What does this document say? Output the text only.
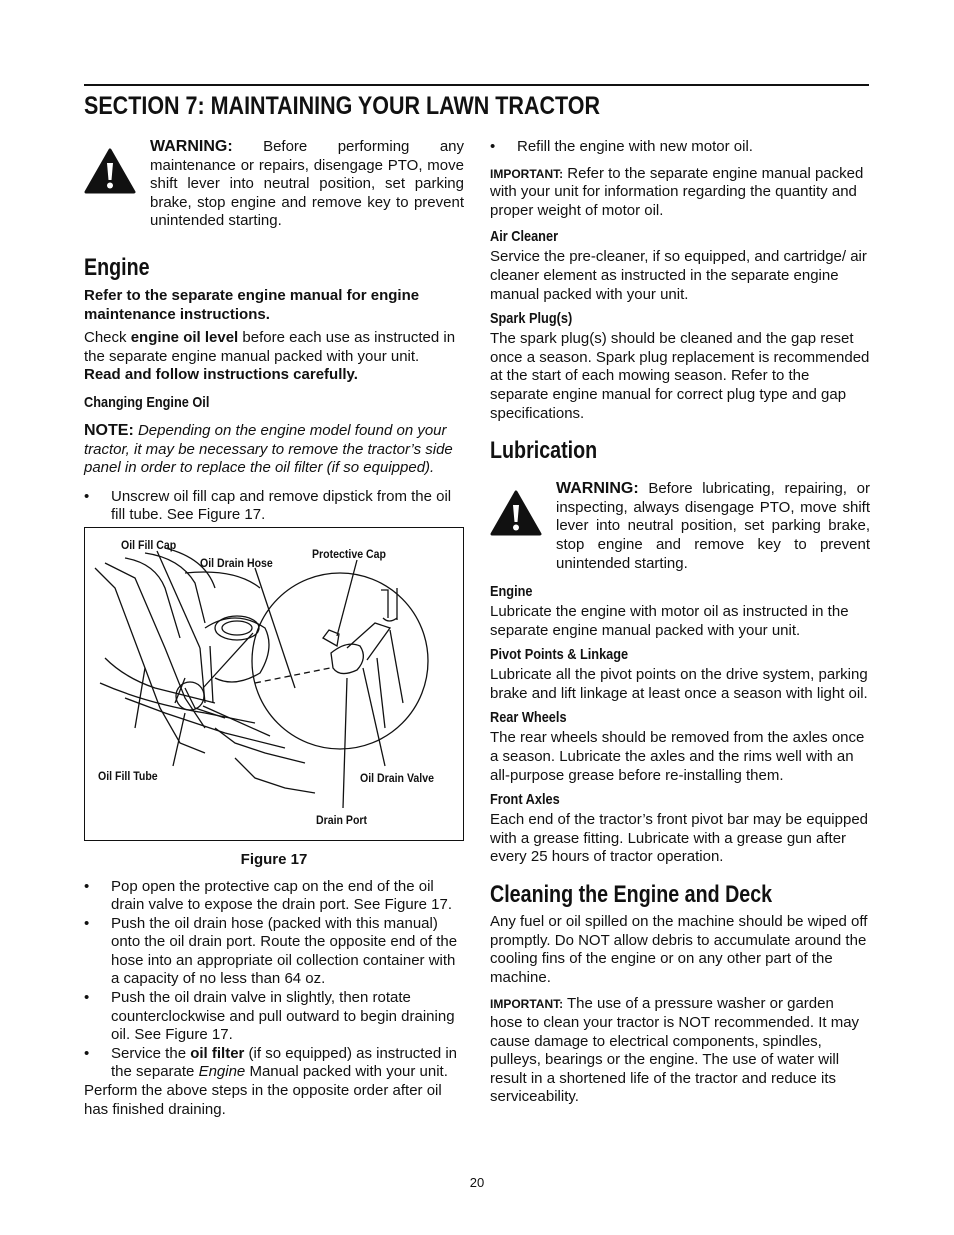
SECTION 7: MAINTAINING YOUR LAWN TRACTOR
WARNING: Before performing any maintenance or repairs, disengage PTO, move shift lever into neutral position, set parking brake, stop engine and remove key to prevent unintended starting.
Engine

Refer to the separate engine manual for engine maintenance instructions.

Check engine oil level before each use as instructed in the separate engine manual packed with your unit.
Read and follow instructions carefully.

Changing Engine Oil

NOTE: Depending on the engine model found on your tractor, it may be necessary to remove the tractor’s side panel in order to replace the oil filter (if so equipped).

• Unscrew oil fill cap and remove dipstick from the oil fill tube. See Figure 17.
Oil Fill Cap
Oil Drain Hose
Protective Cap
Oil Fill Tube	Oil Drain Valve
Drain Port
Figure 17
• Pop open the protective cap on the end of the oil drain valve to expose the drain port. See Figure 17.
• Push the oil drain hose (packed with this manual) onto the oil drain port. Route the opposite end of the hose into an appropriate oil collection container with a capacity of no less than 64 oz.
• Push the oil drain valve in slightly, then rotate counterclockwise and pull outward to begin draining oil. See Figure 17.
• Service the oil filter (if so equipped) as instructed in the separate Engine Manual packed with your unit.

Perform the above steps in the opposite order after oil has finished draining.

• Refill the engine with new motor oil.

IMPORTANT: Refer to the separate engine manual packed with your unit for information regarding the quantity and proper weight of motor oil.

Air Cleaner

Service the pre-cleaner, if so equipped, and cartridge/ air cleaner element as instructed in the separate engine manual packed with your unit.

Spark Plug(s)

The spark plug(s) should be cleaned and the gap reset once a season. Spark plug replacement is recommended at the start of each mowing season. Refer to the separate engine manual for correct plug type and gap specifications.

Lubrication
WARNING: Before lubricating, repairing, or inspecting, always disengage PTO, move shift lever into neutral position, set parking brake, stop engine and remove key to prevent unintended starting.
Engine

Lubricate the engine with motor oil as instructed in the separate engine manual packed with your unit.

Pivot Points & Linkage

Lubricate all the pivot points on the drive system, parking brake and lift linkage at least once a season with light oil.

Rear Wheels

The rear wheels should be removed from the axles once a season. Lubricate the axles and the rims well with an all-purpose grease before re-installing them.

Front Axles

Each end of the tractor’s front pivot bar may be equipped with a grease fitting. Lubricate with a grease gun after every 25 hours of tractor operation.

Cleaning the Engine and Deck

Any fuel or oil spilled on the machine should be wiped off promptly. Do NOT allow debris to accumulate around the cooling fins of the engine or on any other part of the machine.

IMPORTANT: The use of a pressure washer or garden hose to clean your tractor is NOT recommended. It may cause damage to electrical components, spindles, pulleys, bearings or the engine. The use of water will result in a shortened life of the tractor and reduce its serviceability.

20
